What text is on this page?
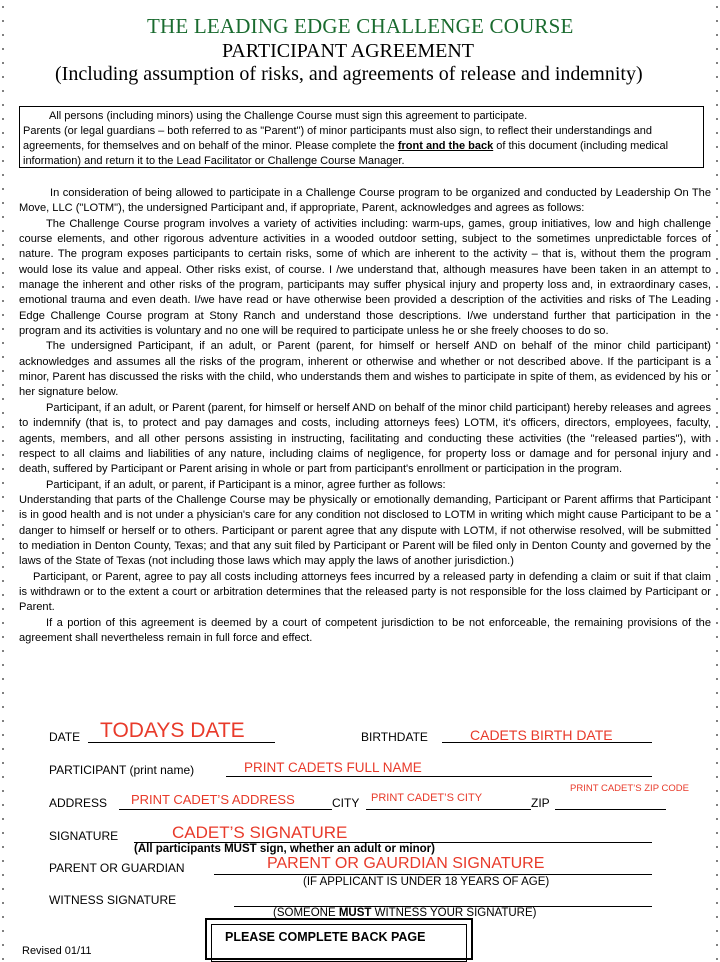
THE LEADING EDGE CHALLENGE COURSE
PARTICIPANT AGREEMENT
(Including assumption of risks, and agreements of release and indemnity)
All persons (including minors) using the Challenge Course must sign this agreement to participate.
Parents (or legal guardians – both referred to as "Parent") of minor participants must also sign, to reflect their understandings and agreements, for themselves and on behalf of the minor. Please complete the front and the back of this document (including medical information) and return it to the Lead Facilitator or Challenge Course Manager.

In consideration of being allowed to participate in a Challenge Course program to be organized and conducted by Leadership On The Move, LLC ("LOTM"), the undersigned Participant and, if appropriate, Parent, acknowledges and agrees as follows:

The Challenge Course program involves a variety of activities including: warm-ups, games, group initiatives, low and high challenge course elements, and other rigorous adventure activities in a wooded outdoor setting, subject to the sometimes unpredictable forces of nature. The program exposes participants to certain risks, some of which are inherent to the activity – that is, without them the program would lose its value and appeal. Other risks exist, of course. I /we understand that, although measures have been taken in an attempt to manage the inherent and other risks of the program, participants may suffer physical injury and property loss and, in extraordinary cases, emotional trauma and even death. I/we have read or have otherwise been provided a description of the activities and risks of The Leading Edge Challenge Course program at Stony Ranch and understand those descriptions. I/we understand further that participation in the program and its activities is voluntary and no one will be required to participate unless he or she freely chooses to do so.

The undersigned Participant, if an adult, or Parent (parent, for himself or herself AND on behalf of the minor child participant) acknowledges and assumes all the risks of the program, inherent or otherwise and whether or not described above. If the participant is a minor, Parent has discussed the risks with the child, who understands them and wishes to participate in spite of them, as evidenced by his or her signature below.

Participant, if an adult, or Parent (parent, for himself or herself AND on behalf of the minor child participant) hereby releases and agrees to indemnify (that is, to protect and pay damages and costs, including attorneys fees) LOTM, it's officers, directors, employees, faculty, agents, members, and all other persons assisting in instructing, facilitating and conducting these activities (the "released parties"), with respect to all claims and liabilities of any nature, including claims of negligence, for property loss or damage and for personal injury and death, suffered by Participant or Parent arising in whole or part from participant's enrollment or participation in the program.

Participant, if an adult, or parent, if Participant is a minor, agree further as follows:

Understanding that parts of the Challenge Course may be physically or emotionally demanding, Participant or Parent affirms that Participant is in good health and is not under a physician's care for any condition not disclosed to LOTM in writing which might cause Participant to be a danger to himself or herself or to others. Participant or parent agree that any dispute with LOTM, if not otherwise resolved, will be submitted to mediation in Denton County, Texas; and that any suit filed by Participant or Parent will be filed only in Denton County and governed by the laws of the State of Texas (not including those laws which may apply the laws of another jurisdiction.)

Participant, or Parent, agree to pay all costs including attorneys fees incurred by a released party in defending a claim or suit if that claim is withdrawn or to the extent a court or arbitration determines that the released party is not responsible for the loss claimed by Participant or Parent.

If a portion of this agreement is deemed by a court of competent jurisdiction to be not enforceable, the remaining provisions of the agreement shall nevertheless remain in full force and effect.

DATE TODAYS DATE	BIRTHDATE	CADETS BIRTH DATE
PARTICIPANT (print name)	PRINT CADETS FULL NAME
ADDRESS PRINT CADET’S ADDRESS	CITY PRINT CADET’S CITY	ZIP
PRINT CADET’S ZIP CODE
SIGNATURE	CADET’S SIGNATURE
(All participants MUST sign, whether an adult or minor)
PARENT OR GUARDIAN	PARENT OR GAURDIAN SIGNATURE
(IF APPLICANT IS UNDER 18 YEARS OF AGE)
WITNESS SIGNATURE
(SOMEONE MUST WITNESS YOUR SIGNATURE)
PLEASE COMPLETE BACK PAGE
Revised 01/11
